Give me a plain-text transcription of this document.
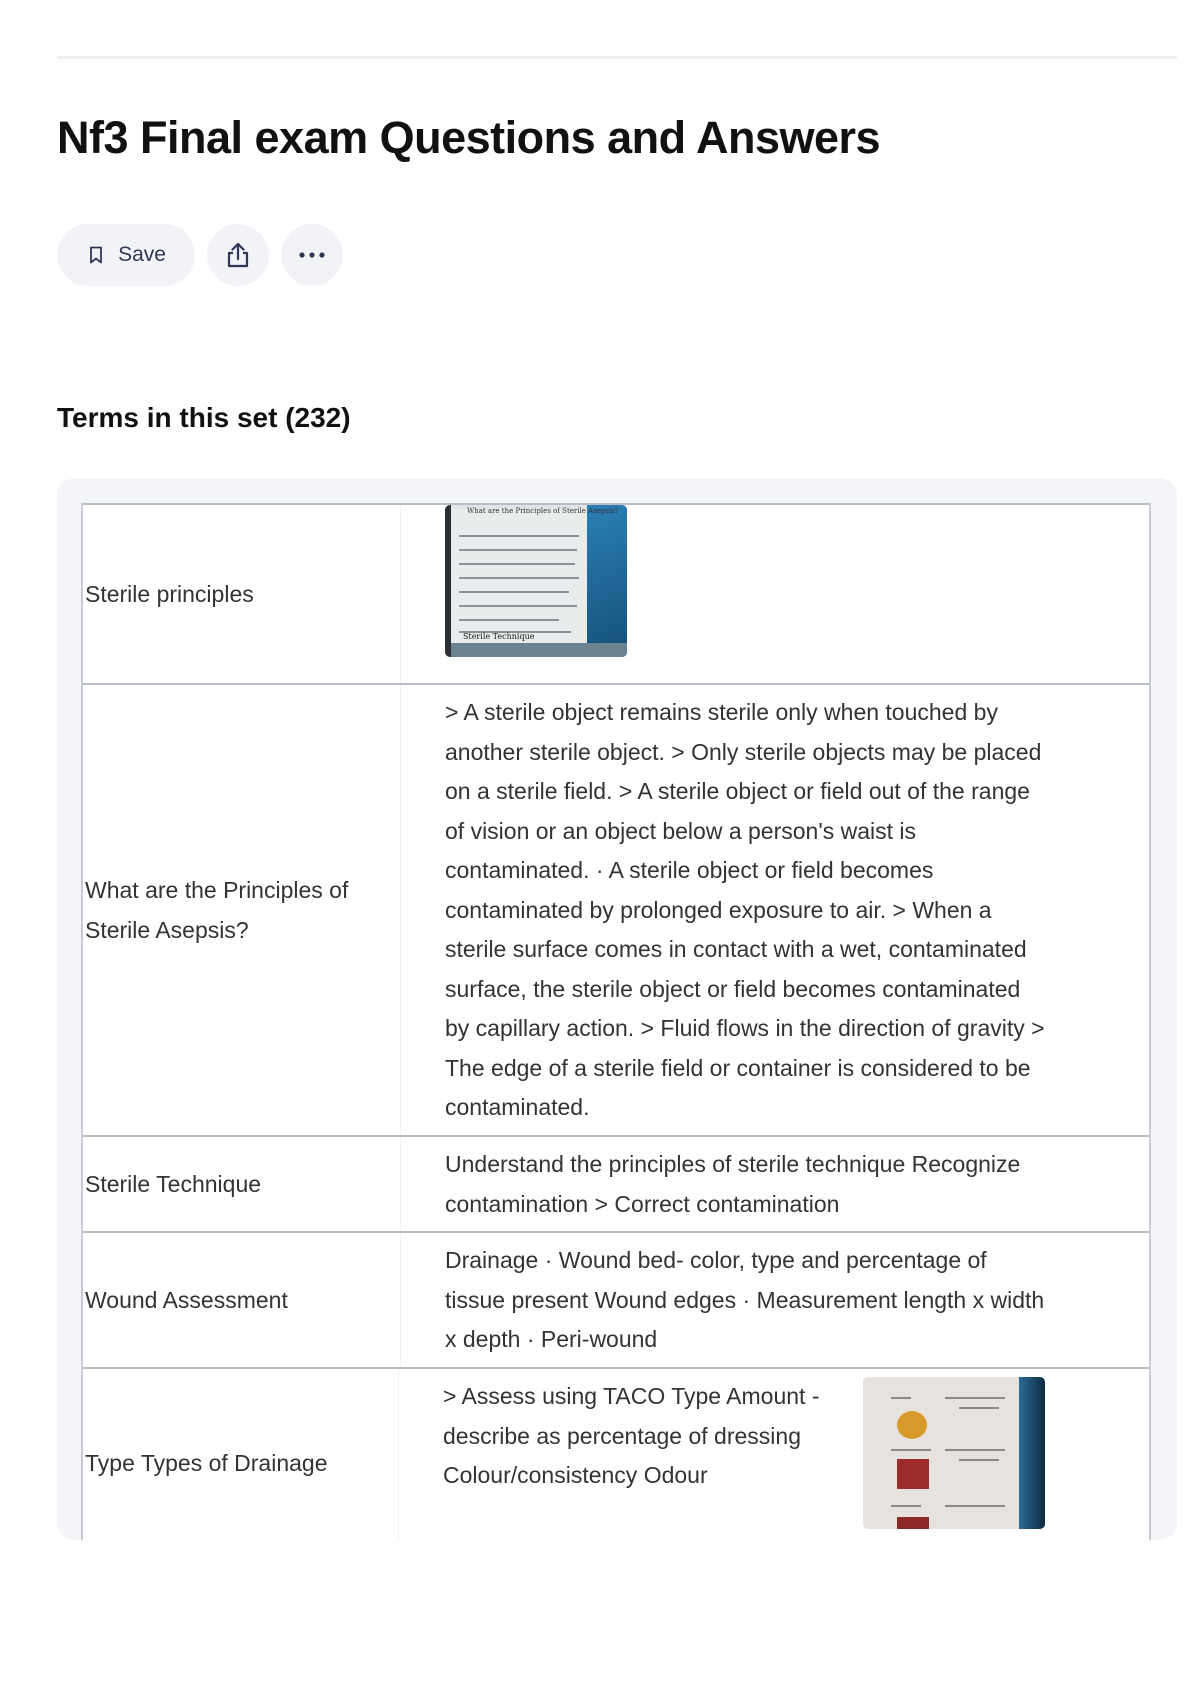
Nf3 Final exam Questions and Answers
Save
Terms in this set (232)
Sterile principles
What are the Principles of Sterile Asepsis?
Sterile Technique
What are the Principles of Sterile Asepsis?
> A sterile object remains sterile only when touched by another sterile object. > Only sterile objects may be placed on a sterile field. > A sterile object or field out of the range of vision or an object below a person's waist is contaminated. · A sterile object or field becomes contaminated by prolonged exposure to air. > When a sterile surface comes in contact with a wet, contaminated surface, the sterile object or field becomes contaminated by capillary action. > Fluid flows in the direction of gravity > The edge of a sterile field or container is considered to be contaminated.
Sterile Technique
Understand the principles of sterile technique Recognize contamination > Correct contamination
Wound Assessment
Drainage · Wound bed- color, type and percentage of tissue present Wound edges · Measurement length x width x depth · Peri-wound
Type Types of Drainage
> Assess using TACO Type Amount - describe as percentage of dressing Colour/consistency Odour
